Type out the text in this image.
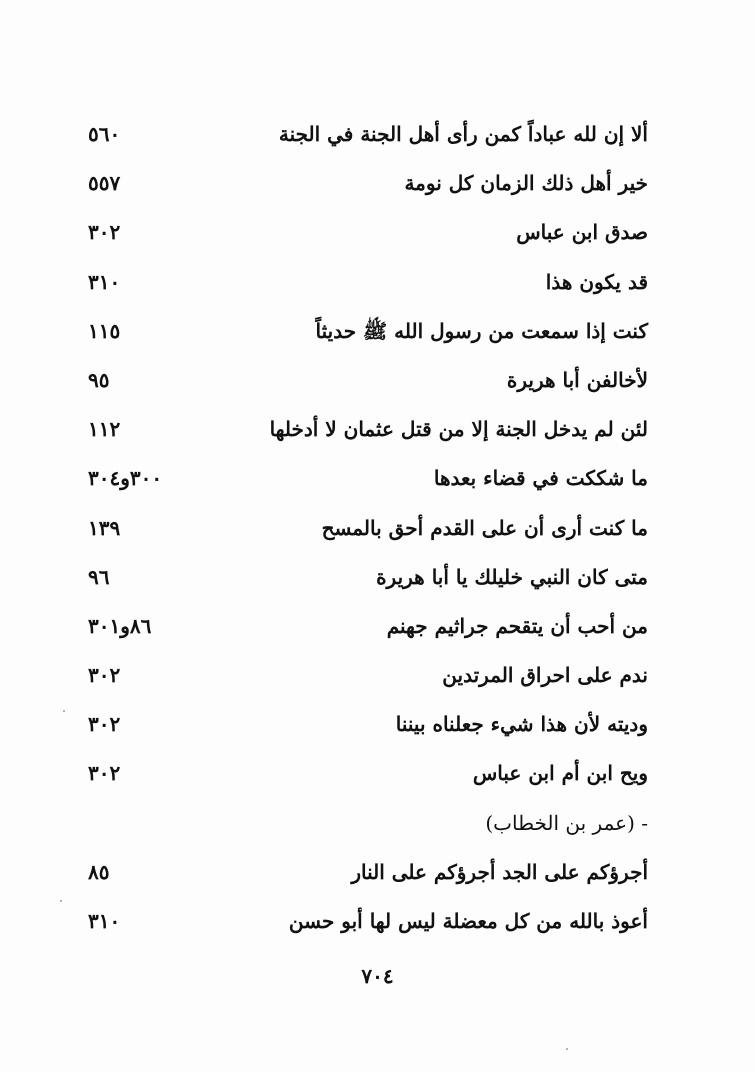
ألا إن لله عباداً كمن رأى أهل الجنة في الجنة
٥٦٠
خير أهل ذلك الزمان كل نومة
٥٥٧
صدق ابن عباس
٣٠٢
قد يكون هذا
٣١٠
كنت إذا سمعت من رسول الله ﷺ حديثاً
١١٥
لأخالفن أبا هريرة
٩٥
لئن لم يدخل الجنة إلا من قتل عثمان لا أدخلها
١١٢
ما شككت في قضاء بعدها
٣٠٠و٣٠٤
ما كنت أرى أن على القدم أحق بالمسح
١٣٩
متى كان النبي خليلك يا أبا هريرة
٩٦
من أحب أن يتقحم جراثيم جهنم
٨٦و٣٠١
ندم على احراق المرتدين
٣٠٢
وديته لأن هذا شيء جعلناه بيننا
٣٠٢
ويح ابن أم ابن عباس
٣٠٢
- (عمر بن الخطاب)
أجرؤكم على الجد أجرؤكم على النار
٨٥
أعوذ بالله من كل معضلة ليس لها أبو حسن
٣١٠
٧٠٤
